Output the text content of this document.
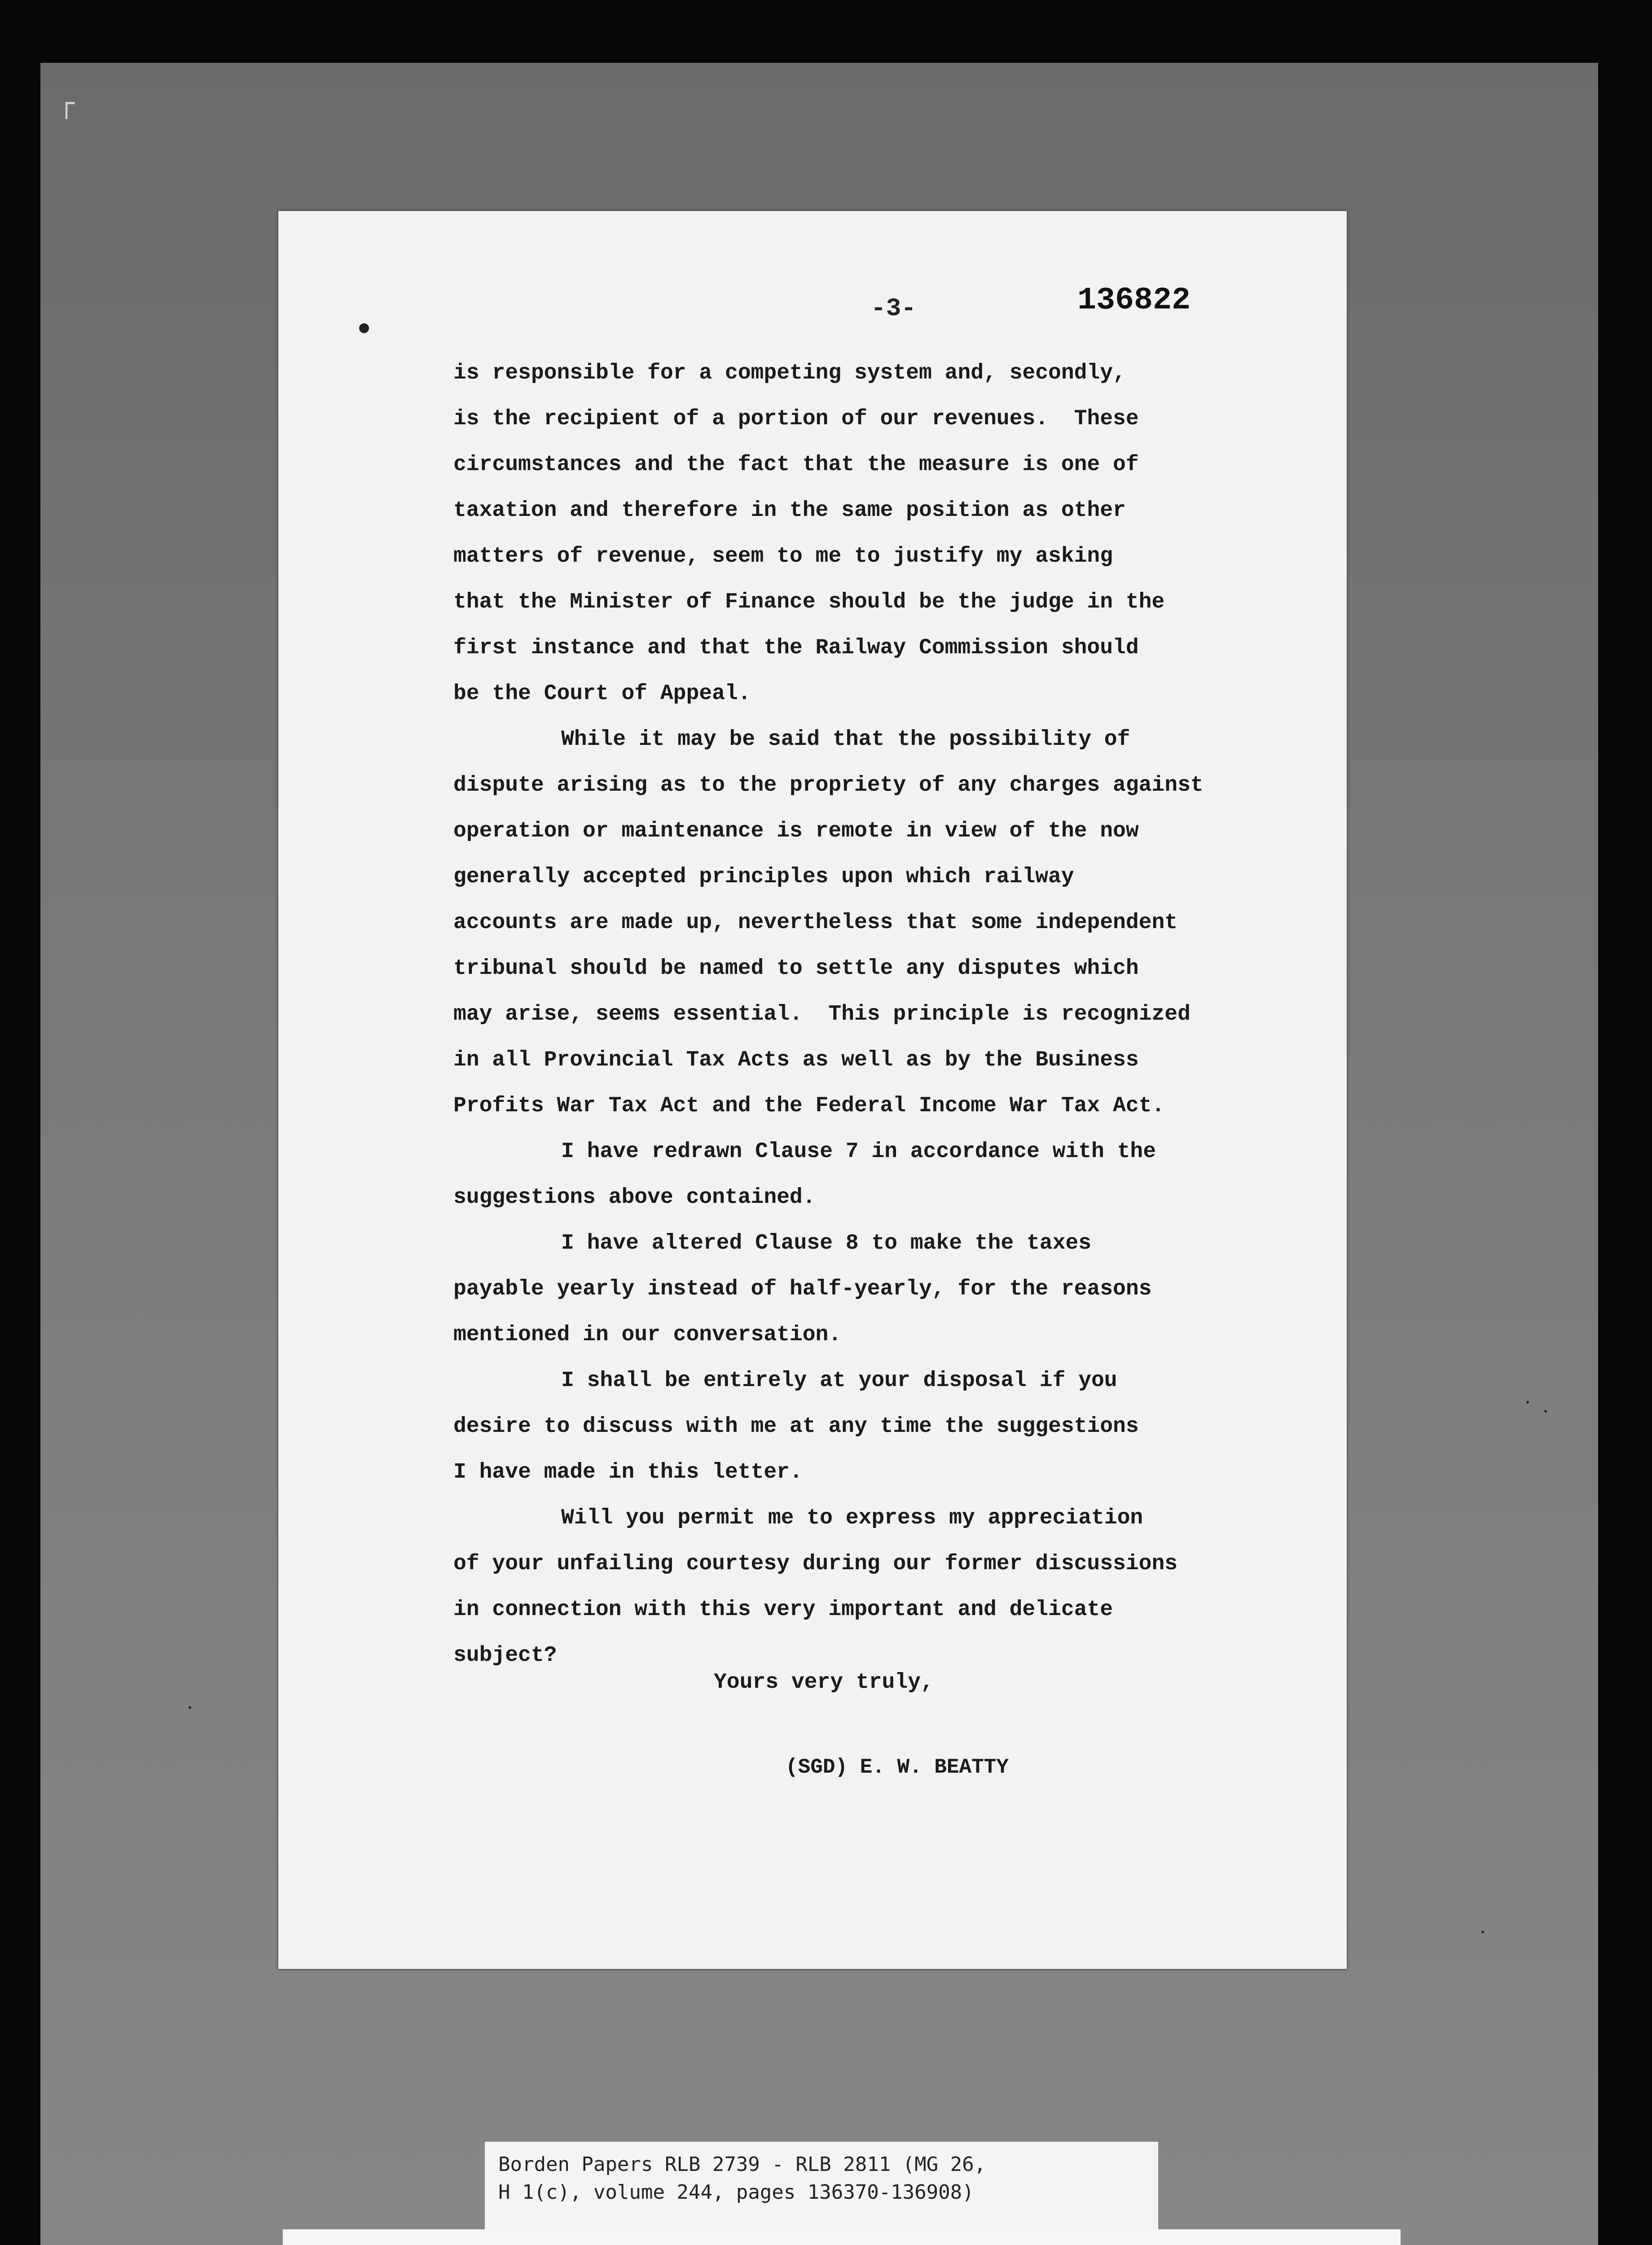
┌
-3-	136822

is responsible for a competing system and, secondly,

is the recipient of a portion of our revenues.  These

circumstances and the fact that the measure is one of

taxation and therefore in the same position as other

matters of revenue, seem to me to justify my asking

that the Minister of Finance should be the judge in the

first instance and that the Railway Commission should

be the Court of Appeal.

While it may be said that the possibility of

dispute arising as to the propriety of any charges against

operation or maintenance is remote in view of the now

generally accepted principles upon which railway

accounts are made up, nevertheless that some independent

tribunal should be named to settle any disputes which

may arise, seems essential.  This principle is recognized

in all Provincial Tax Acts as well as by the Business

Profits War Tax Act and the Federal Income War Tax Act.

I have redrawn Clause 7 in accordance with the

suggestions above contained.

I have altered Clause 8 to make the taxes

payable yearly instead of half-yearly, for the reasons

mentioned in our conversation.

I shall be entirely at your disposal if you

desire to discuss with me at any time the suggestions

I have made in this letter.

Will you permit me to express my appreciation

of your unfailing courtesy during our former discussions

in connection with this very important and delicate

subject?

Yours very truly,
(SGD) E. W. BEATTY
Borden Papers RLB 2739 - RLB 2811 (MG 26,
H 1(c), volume 244, pages 136370-136908)
